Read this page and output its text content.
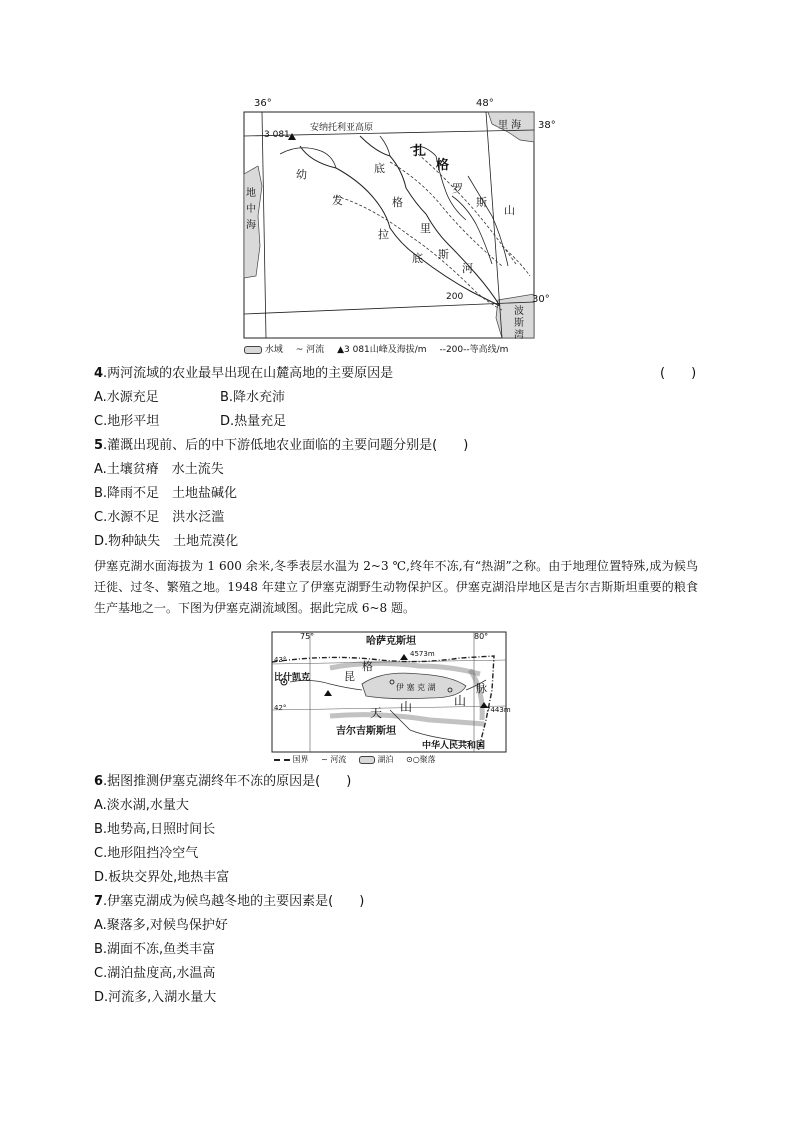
36°	48°
38°
30°
3 081
安纳托利亚高原	里 海
地
中
海
波
斯
湾
扎
格
罗
斯
山
幼
发
拉
底
底
格
里
斯
河
200
水域 ~ 河流 ▲3 081山峰及海拔/m --200--等高线/m
4.两河流域的农业最早出现在山麓高地的主要原因是	(　　)
A.水源充足	B.降水充沛
C.地形平坦	D.热量充足
5.灌溉出现前、后的中下游低地农业面临的主要问题分别是(　　)
A.土壤贫瘠　水土流失
B.降雨不足　土地盐碱化
C.水源不足　洪水泛滥
D.物种缺失　土地荒漠化
伊塞克湖水面海拔为 1 600 余米,冬季表层水温为 2~3 ℃,终年不冻,有“热湖”之称。由于地理位置特殊,成为候鸟迁徙、过冬、繁殖之地。1948 年建立了伊塞克湖野生动物保护区。伊塞克湖沿岸地区是吉尔吉斯斯坦重要的粮食生产基地之一。下图为伊塞克湖流域图。据此完成 6~8 题。
75°	80°
43°
42°
哈萨克斯坦
比什凯克
4573m
7443m
伊 塞 克 湖
昆
格
脉
天 山	山
吉尔吉斯斯坦
中华人民共和国
国界 ~ 河流	湖泊 ⊙○聚落
6.据图推测伊塞克湖终年不冻的原因是(　　)
A.淡水湖,水量大
B.地势高,日照时间长
C.地形阻挡冷空气
D.板块交界处,地热丰富
7.伊塞克湖成为候鸟越冬地的主要因素是(　　)
A.聚落多,对候鸟保护好
B.湖面不冻,鱼类丰富
C.湖泊盐度高,水温高
D.河流多,入湖水量大
